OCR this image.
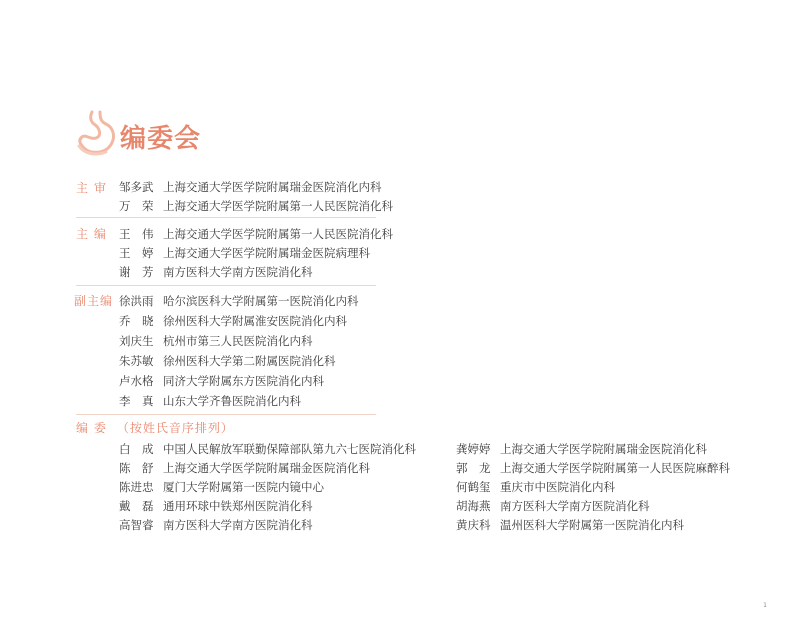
编委会
主 审 邹多武 上海交通大学医学院附属瑞金医院消化内科
万　荣 上海交通大学医学院附属第一人民医院消化科
主 编 王　伟 上海交通大学医学院附属第一人民医院消化科
王　婷 上海交通大学医学院附属瑞金医院病理科
谢　芳 南方医科大学南方医院消化科
副主编 徐洪雨 哈尔滨医科大学附属第一医院消化内科
乔　晓 徐州医科大学附属淮安医院消化内科
刘庆生 杭州市第三人民医院消化内科
朱苏敏 徐州医科大学第二附属医院消化科
卢水格 同济大学附属东方医院消化内科
李　真 山东大学齐鲁医院消化内科
编 委 （按姓氏音序排列）
白　成 中国人民解放军联勤保障部队第九六七医院消化科
陈　舒 上海交通大学医学院附属瑞金医院消化科
陈进忠 厦门大学附属第一医院内镜中心
戴　磊 通用环球中铁郑州医院消化科
高智睿 南方医科大学南方医院消化科
龚婷婷 上海交通大学医学院附属瑞金医院消化科
郭　龙 上海交通大学医学院附属第一人民医院麻醉科
何鹤玺 重庆市中医院消化内科
胡海燕 南方医科大学南方医院消化科
黄庆科 温州医科大学附属第一医院消化内科
1
